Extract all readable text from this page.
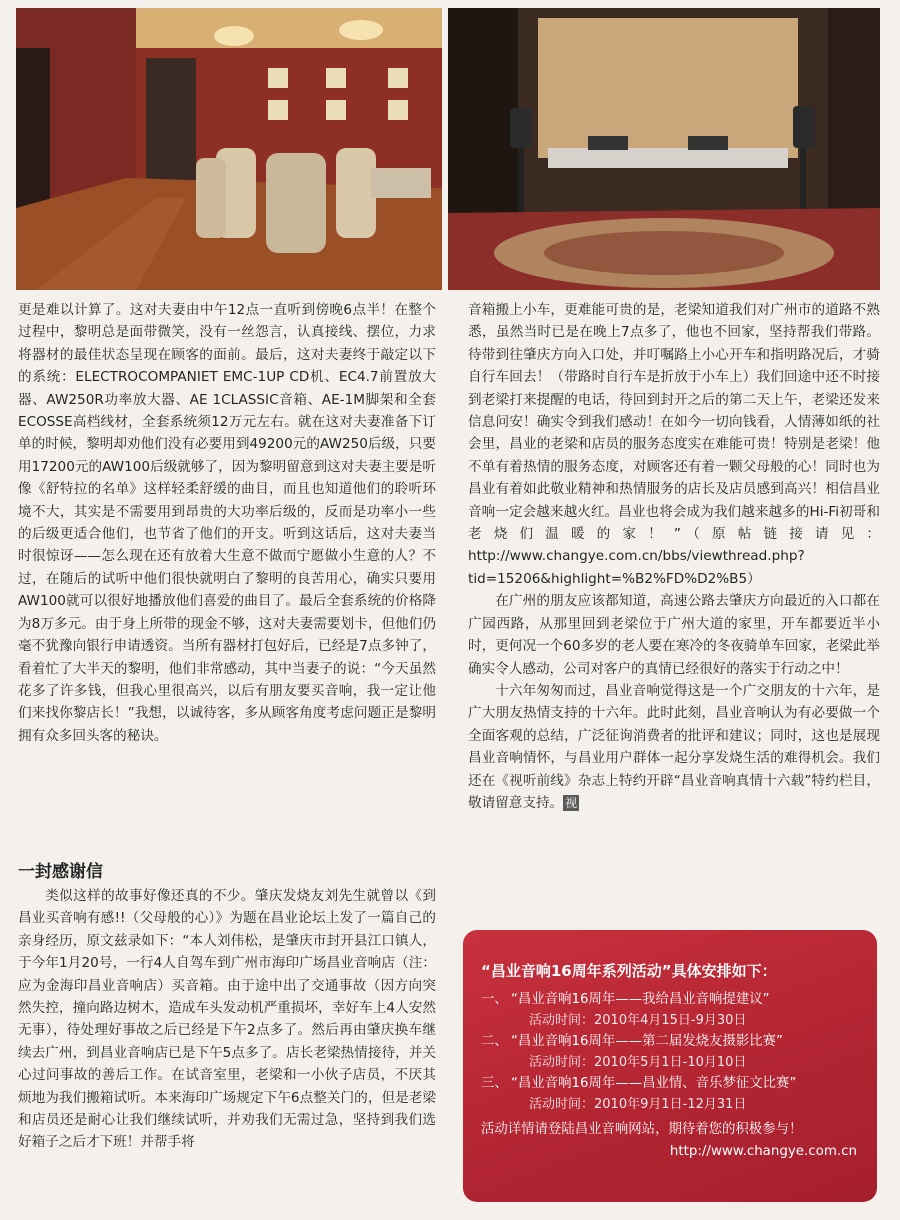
更是难以计算了。这对夫妻由中午12点一直听到傍晚6点半！在整个过程中，黎明总是面带微笑，没有一丝怨言，认真接线、摆位，力求将器材的最佳状态呈现在顾客的面前。最后，这对夫妻终于敲定以下的系统：ELECTROCOMPANIET EMC-1UP CD机、EC4.7前置放大器、AW250R功率放大器、AE 1CLASSIC音箱、AE-1M脚架和全套ECOSSE高档线材，全套系统须12万元左右。就在这对夫妻准备下订单的时候，黎明却劝他们没有必要用到49200元的AW250后级，只要用17200元的AW100后级就够了，因为黎明留意到这对夫妻主要是听像《舒特拉的名单》这样轻柔舒缓的曲目，而且也知道他们的聆听环境不大，其实是不需要用到昂贵的大功率后级的，反而是功率小一些的后级更适合他们，也节省了他们的开支。听到这话后，这对夫妻当时很惊讶——怎么现在还有放着大生意不做而宁愿做小生意的人？不过，在随后的试听中他们很快就明白了黎明的良苦用心，确实只要用AW100就可以很好地播放他们喜爱的曲目了。最后全套系统的价格降为8万多元。由于身上所带的现金不够，这对夫妻需要划卡，但他们仍毫不犹豫向银行申请透资。当所有器材打包好后，已经是7点多钟了，看着忙了大半天的黎明，他们非常感动，其中当妻子的说：“今天虽然花多了许多钱，但我心里很高兴，以后有朋友要买音响，我一定让他们来找你黎店长！”我想，以诚待客，多从顾客角度考虑问题正是黎明拥有众多回头客的秘诀。

一封感谢信

类似这样的故事好像还真的不少。肇庆发烧友刘先生就曾以《到昌业买音响有感!!（父母般的心）》为题在昌业论坛上发了一篇自己的亲身经历，原文兹录如下：“本人刘伟松，是肇庆市封开县江口镇人，于今年1月20号，一行4人自驾车到广州市海印广场昌业音响店（注：应为金海印昌业音响店）买音箱。由于途中出了交通事故（因方向突然失控，撞向路边树木，造成车头发动机严重损坏，幸好车上4人安然无事），待处理好事故之后已经是下午2点多了。然后再由肇庆换车继续去广州，到昌业音响店已是下午5点多了。店长老梁热情接待，并关心过问事故的善后工作。在试音室里，老梁和一小伙子店员，不厌其烦地为我们搬箱试听。本来海印广场规定下午6点整关门的，但是老梁和店员还是耐心让我们继续试听，并劝我们无需过急，坚持到我们选好箱子之后才下班！并帮手将

音箱搬上小车，更难能可贵的是，老梁知道我们对广州市的道路不熟悉，虽然当时已是在晚上7点多了，他也不回家，坚持帮我们带路。待带到往肇庆方向入口处，并叮嘱路上小心开车和指明路况后，才骑自行车回去！（带路时自行车是折放于小车上）我们回途中还不时接到老梁打来提醒的电话，待回到封开之后的第二天上午，老梁还发来信息问安！确实令到我们感动！在如今一切向钱看，人情薄如纸的社会里，昌业的老梁和店员的服务态度实在难能可贵！特别是老梁！他不单有着热情的服务态度，对顾客还有着一颗父母般的心！同时也为昌业有着如此敬业精神和热情服务的店长及店员感到高兴！相信昌业音响一定会越来越火红。昌业也将会成为我们越来越多的Hi-Fi初哥和老烧们温暖的家！”（原帖链接请见：http://www.changye.com.cn/bbs/viewthread.php?tid=15206&highlight=%B2%FD%D2%B5）

在广州的朋友应该都知道，高速公路去肇庆方向最近的入口都在广园西路，从那里回到老梁位于广州大道的家里，开车都要近半小时，更何况一个60多岁的老人要在寒冷的冬夜骑单车回家，老梁此举确实令人感动，公司对客户的真情已经很好的落实于行动之中！

十六年匆匆而过，昌业音响觉得这是一个广交朋友的十六年，是广大朋友热情支持的十六年。此时此刻，昌业音响认为有必要做一个全面客观的总结，广泛征询消费者的批评和建议；同时，这也是展现昌业音响情怀，与昌业用户群体一起分享发烧生活的难得机会。我们还在《视听前线》杂志上特约开辟“昌业音响真情十六载”特约栏目，敬请留意支持。 视

“昌业音响16周年系列活动”具体安排如下：
一、 “昌业音响16周年——我给昌业音响提建议”
活动时间：2010年4月15日-9月30日
二、 “昌业音响16周年——第二届发烧友摄影比赛”
活动时间：2010年5月1日-10月10日
三、 “昌业音响16周年——昌业情、音乐梦征文比赛”
活动时间：2010年9月1日-12月31日
活动详情请登陆昌业音响网站，期待着您的积极参与！
http://www.changye.com.cn
